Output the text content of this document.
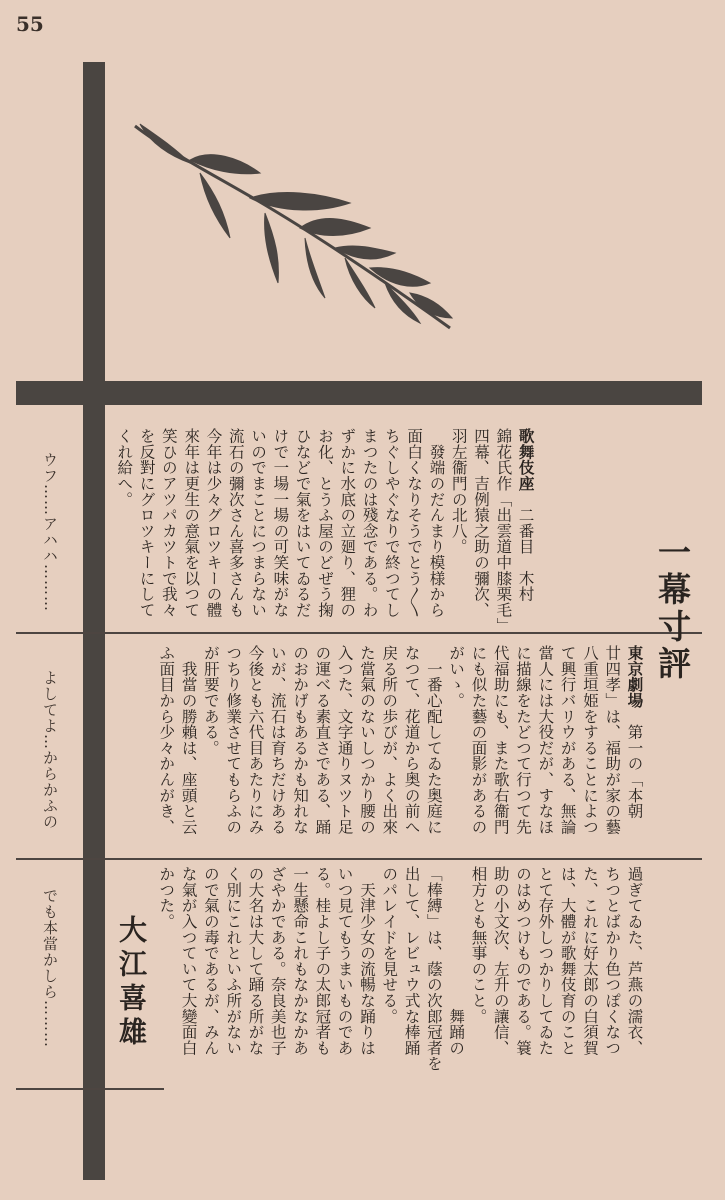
55
一幕寸評
歌舞伎座　二番目　木村
錦花氏作「出雲道中膝栗毛」
四幕、吉例猿之助の彌次、
羽左衞門の北八。
　發端のだんまり模様から
面白くなりそうでとう〳〵
ちぐしやぐなりで終つてし
まつたのは殘念である。わ
ずかに水底の立廻り、狸の
お化、とうふ屋のどぜう掬
ひなどで氣をはいてゐるだ
けで一場一場の可笑味がな
いのでまことにつまらない
流石の彌次さん喜多さんも
今年は少々グロツキーの體
來年は更生の意氣を以つて
笑ひのアツパカツトで我々
を反對にグロツキーにして
くれ給へ。
東京劇場　第一の「本朝
廿四孝」は、福助が家の藝
八重垣姫をすることによつ
て興行バリウがある、無論
當人には大役だが、すなほ
に描線をたどつて行つて先
代福助にも、また歌右衞門
にも似た藝の面影があるの
がいゝ。
　一番心配してゐた奥庭に
なつて、花道から奥の前へ
戻る所の歩びが、よく出來
た當氣のないしつかり腰の
入つた、文字通りヌツト足
の運べる素直さである、踊
のおかげもあるかも知れな
いが、流石は育ちだけある
今後とも六代目あたりにみ
つちり修業させてもらふの
が肝要である。
　我當の勝賴は、座頭と云
ふ面目から少々かんがき、
過ぎてゐた、芦燕の濡衣、
ちつとばかり色つぽくなつ
た、これに好太郎の白須賀
は、大體が歌舞伎育のこと
とて存外しつかりしてゐた
のはめつけものである。簑
助の小文次、左升の讓信、
相方とも無事のこと。
　　　　　　　　　舞踊の
「棒縛」は、蔭の次郎冠者を
出して、レビュウ式な棒踊
のパレイドを見せる。
　天津少女の流暢な踊りは
いつ見てもうまいものであ
る。桂よし子の太郎冠者も
一生懸命これもなかなかあ
ざやかである。奈良美也子
の大名は大して踊る所がな
く別にこれといふ所がない
ので氣の毒であるが、みん
な氣が入つていて大變面白
かつた。
ウフ……アハハ………
よしてよ…からかふの
でも本當かしら……… 大江喜雄
